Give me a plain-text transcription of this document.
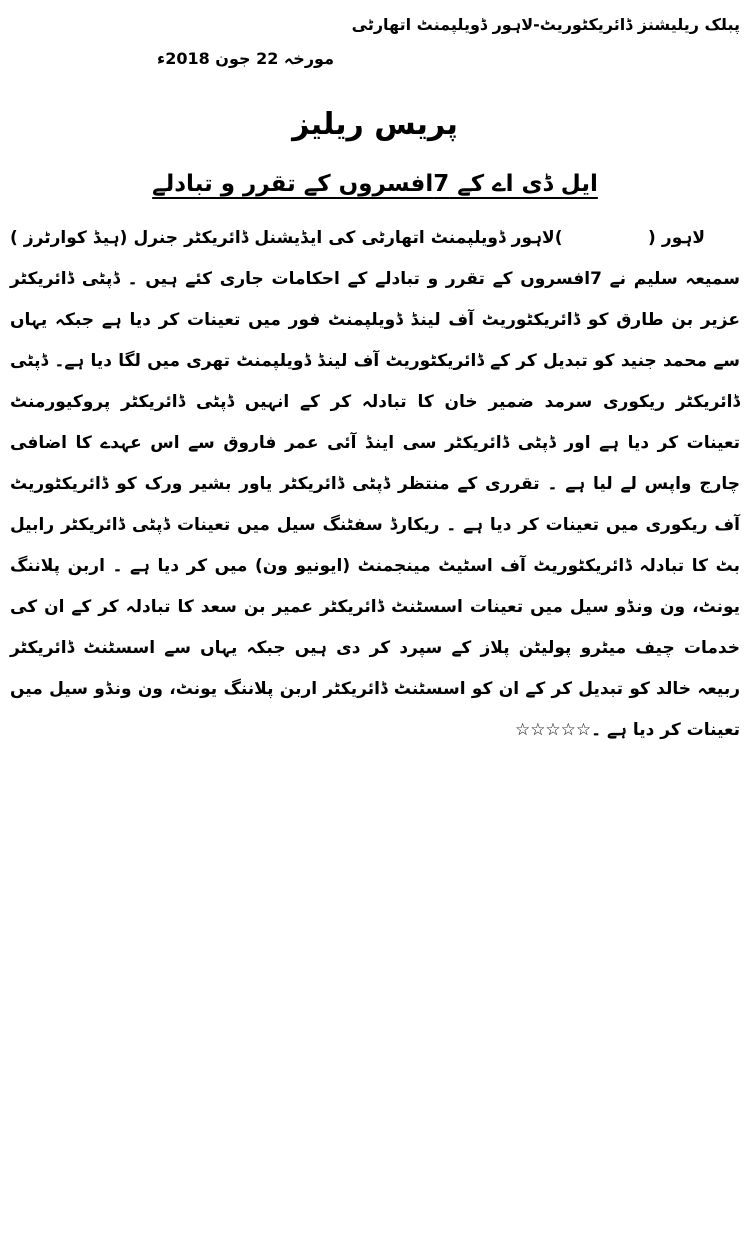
پبلک ریلیشنز ڈائریکٹوریٹ-لاہور ڈویلپمنٹ اتھارٹی
مورخہ 22 جون 2018ء
پریس ریلیز
ایل ڈی اے کے 7افسروں کے تقرر و تبادلے

لاہور (              )لاہور ڈویلپمنٹ اتھارٹی کی ایڈیشنل ڈائریکٹر جنرل (ہیڈ کوارٹرز ) سمیعہ سلیم نے 7افسروں کے تقرر و تبادلے کے احکامات جاری کئے ہیں ۔ ڈپٹی ڈائریکٹر عزیر بن طارق کو ڈائریکٹوریٹ آف لینڈ ڈویلپمنٹ فور میں تعینات کر دیا ہے جبکہ یہاں سے محمد جنید کو تبدیل کر کے ڈائریکٹوریٹ آف لینڈ ڈویلپمنٹ تھری میں لگا دیا ہے۔ ڈپٹی ڈائریکٹر ریکوری سرمد ضمیر خان کا تبادلہ کر کے انہیں ڈپٹی ڈائریکٹر پروکیورمنٹ تعینات کر دیا ہے اور ڈپٹی ڈائریکٹر سی اینڈ آئی عمر فاروق سے اس عہدے کا اضافی چارج واپس لے لیا ہے ۔ تقرری کے منتظر ڈپٹی ڈائریکٹر یاور بشیر ورک کو ڈائریکٹوریٹ آف ریکوری میں تعینات کر دیا ہے ۔ ریکارڈ سفٹنگ سیل میں تعینات ڈپٹی ڈائریکٹر رابیل بٹ کا تبادلہ ڈائریکٹوریٹ آف اسٹیٹ مینجمنٹ (ایونیو ون) میں کر دیا ہے ۔ اربن پلاننگ یونٹ، ون ونڈو سیل میں تعینات اسسٹنٹ ڈائریکٹر عمیر بن سعد کا تبادلہ کر کے ان کی خدمات چیف میٹرو پولیٹن پلاز کے سپرد کر دی ہیں جبکہ یہاں سے اسسٹنٹ ڈائریکٹر ربیعہ خالد کو تبدیل کر کے ان کو اسسٹنٹ ڈائریکٹر اربن پلاننگ یونٹ، ون ونڈو سیل میں تعینات کر دیا ہے ۔☆☆☆☆☆
